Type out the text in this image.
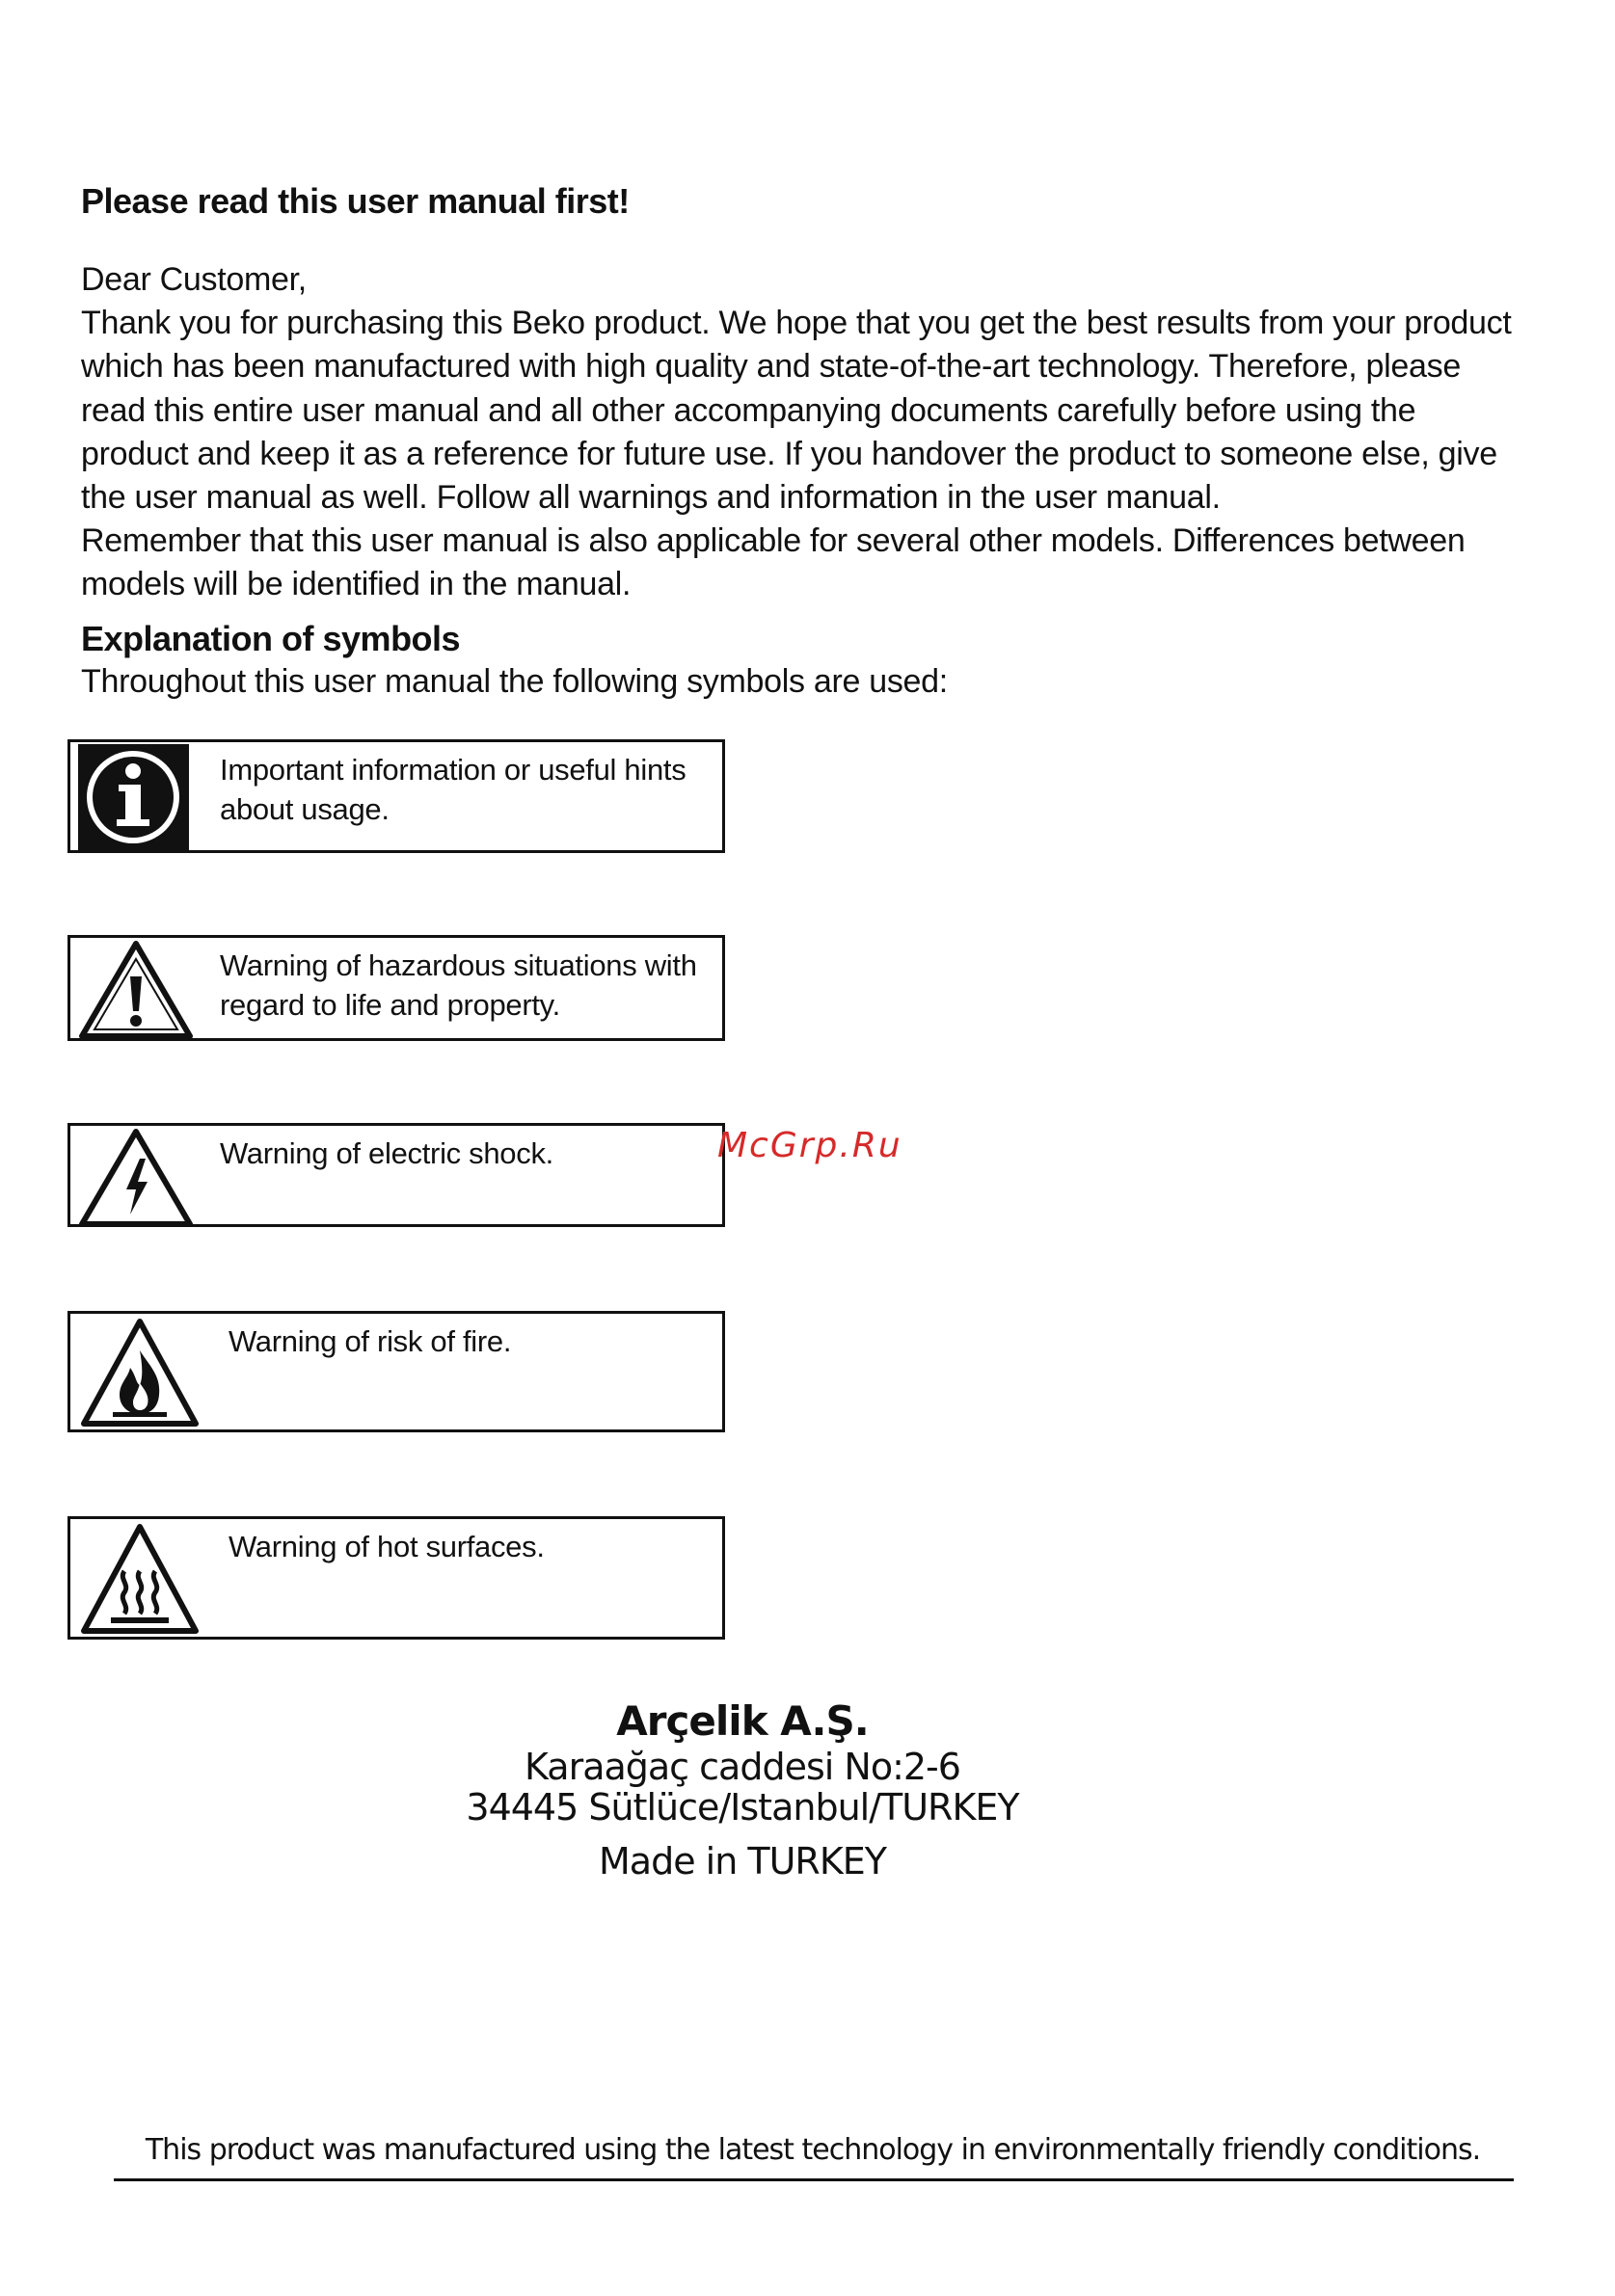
Please read this user manual first!

Dear Customer,

Thank you for purchasing this Beko product. We hope that you get the best results from your product which has been manufactured with high quality and state-of-the-art technology. Therefore, please read this entire user manual and all other accompanying documents carefully before using the product and keep it as a reference for future use. If you handover the product to someone else, give the user manual as well. Follow all warnings and information in the user manual.

Remember that this user manual is also applicable for several other models. Differences between models will be identified in the manual.

Explanation of symbols
Throughout this user manual the following symbols are used:
Important information or useful hints about usage.
Warning of hazardous situations with regard to life and property.
Warning of electric shock.
Warning of risk of fire.
Warning of hot surfaces.
McGrp.Ru
Arçelik A.Ş.
Karaağaç caddesi No:2-6
34445 Sütlüce/Istanbul/TURKEY
Made in TURKEY
This product was manufactured using the latest technology in environmentally friendly conditions.
